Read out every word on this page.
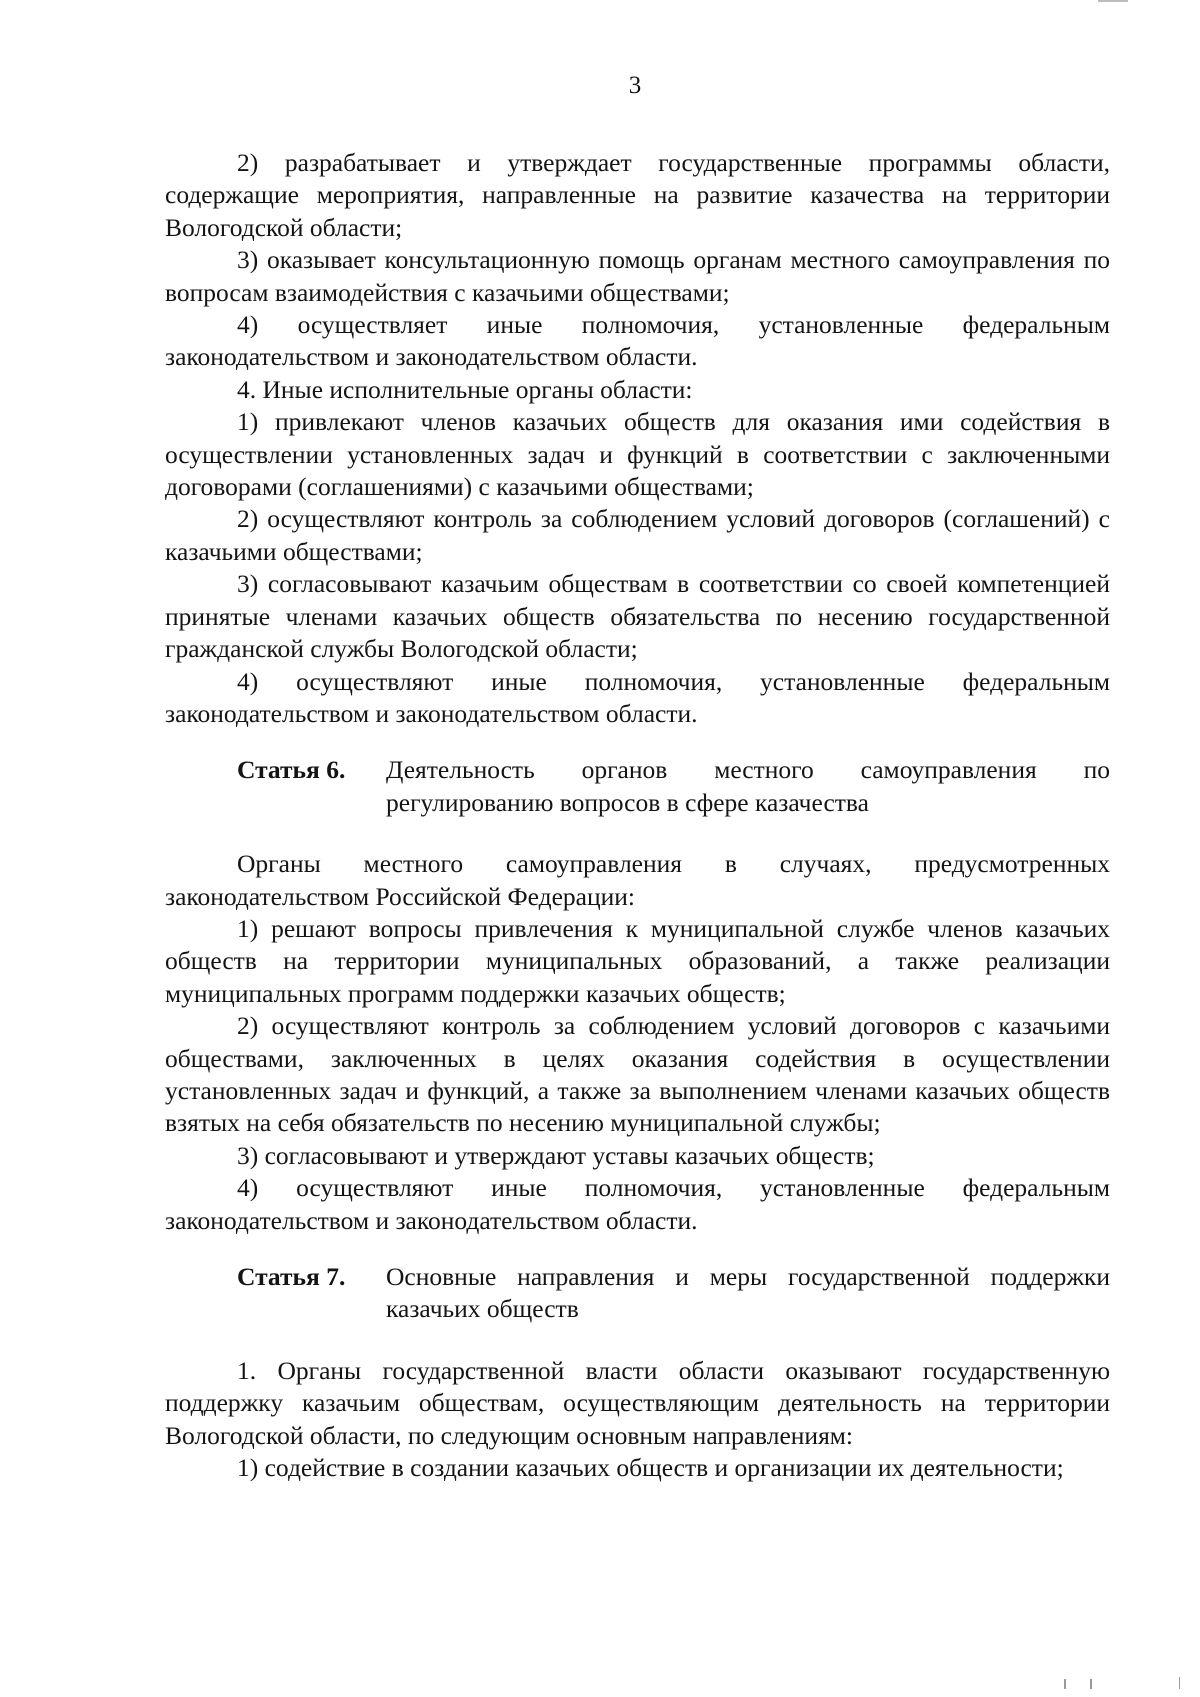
3

2) разрабатывает и утверждает государственные программы области, содержащие мероприятия, направленные на развитие казачества на территории Вологодской области;

3) оказывает консультационную помощь органам местного самоуправления по вопросам взаимодействия с казачьими обществами;

4) осуществляет иные полномочия, установленные федеральным законодательством и законодательством области.

4. Иные исполнительные органы области:

1) привлекают членов казачьих обществ для оказания ими содействия в осуществлении установленных задач и функций в соответствии с заключенными договорами (соглашениями) с казачьими обществами;

2) осуществляют контроль за соблюдением условий договоров (соглашений) с казачьими обществами;

3) согласовывают казачьим обществам в соответствии со своей компетенцией принятые членами казачьих обществ обязательства по несению государственной гражданской службы Вологодской области;

4) осуществляют иные полномочия, установленные федеральным законодательством и законодательством области.

Статья 6.	Деятельность органов местного самоуправления по регулированию вопросов в сфере казачества

Органы местного самоуправления в случаях, предусмотренных законодательством Российской Федерации:

1) решают вопросы привлечения к муниципальной службе членов казачьих обществ на территории муниципальных образований, а также реализации муниципальных программ поддержки казачьих обществ;

2) осуществляют контроль за соблюдением условий договоров с казачьими обществами, заключенных в целях оказания содействия в осуществлении установленных задач и функций, а также за выполнением членами казачьих обществ взятых на себя обязательств по несению муниципальной службы;

3) согласовывают и утверждают уставы казачьих обществ;

4) осуществляют иные полномочия, установленные федеральным законодательством и законодательством области.

Статья 7.	Основные направления и меры государственной поддержки казачьих обществ

1. Органы государственной власти области оказывают государственную поддержку казачьим обществам, осуществляющим деятельность на территории Вологодской области, по следующим основным направлениям:

1) содействие в создании казачьих обществ и организации их деятельности;
